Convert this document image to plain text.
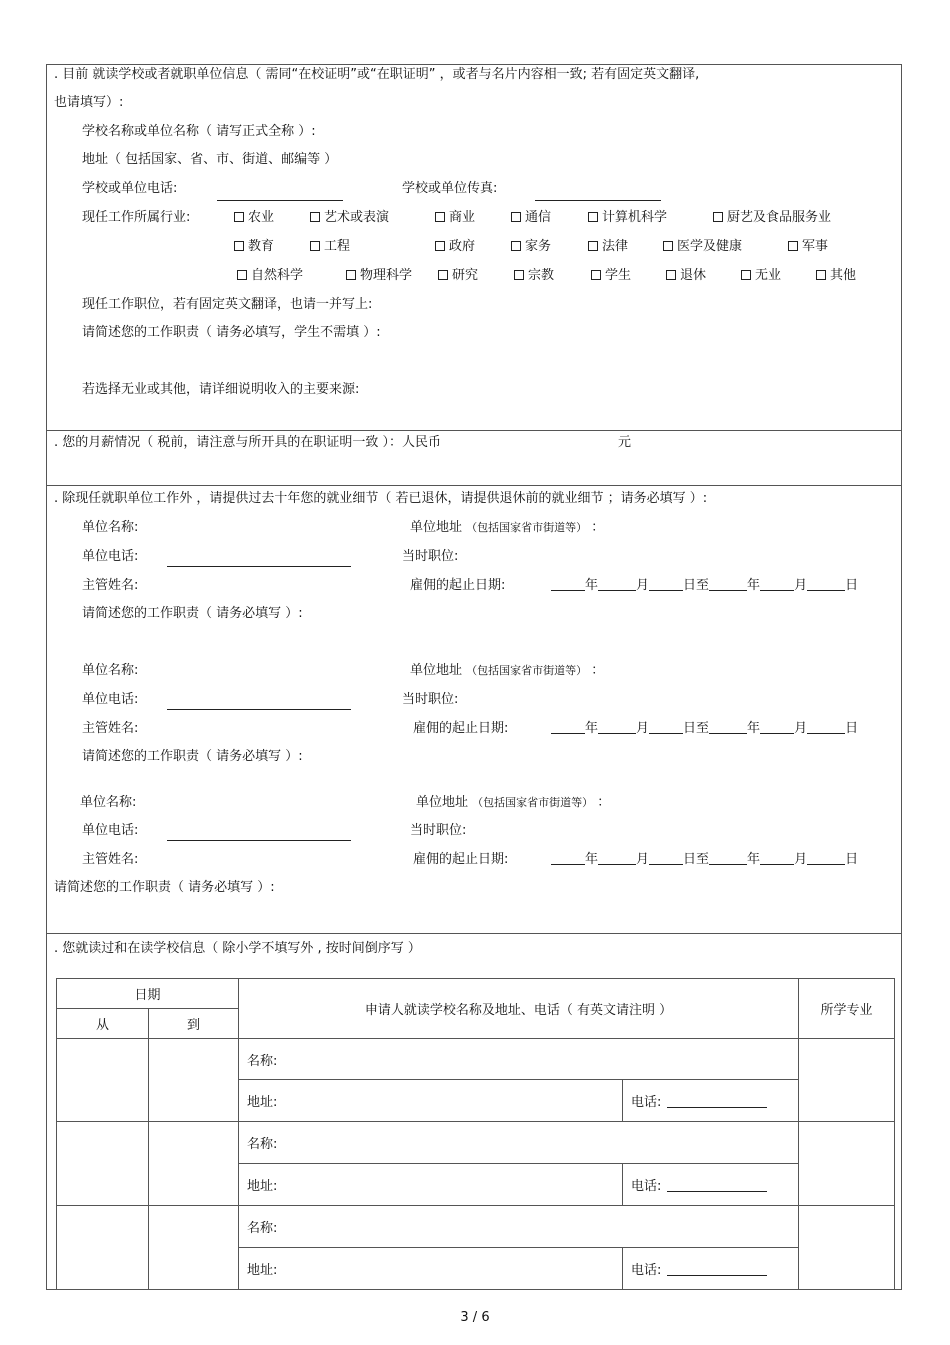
. 目前 就读学校或者就职单位信息（ 需同“在校证明”或“在职证明” ，或者与名片内容相一致; 若有固定英文翻译,
也请填写）:
学校名称或单位名称（ 请写正式全称 ）:
地址（ 包括国家、省、市、街道、邮编等 ）
学校或单位电话:	学校或单位传真:
现任工作所属行业:	农业	艺术或表演	商业	通信	计算机科学	厨艺及食品服务业
教育	工程	政府	家务	法律	医学及健康	军事
自然科学	物理科学	研究	宗教	学生	退休	无业	其他
现任工作职位，若有固定英文翻译，也请一并写上:
请简述您的工作职责（ 请务必填写，学生不需填 ）:
若选择无业或其他，请详细说明收入的主要来源:
. 您的月薪情况（ 税前，请注意与所开具的在职证明一致 ）：人民币	元
. 除现任就职单位工作外 ，请提供过去十年您的就业细节（ 若已退休，请提供退休前的就业细节 ；请务必填写 ）:
单位名称:	单位地址 （包括国家省市街道等） ：
单位电话:	当时职位:
主管姓名:	雇佣的起止日期:	年	月	日至	年	月	日
请简述您的工作职责（ 请务必填写 ）:
单位名称:	单位地址 （包括国家省市街道等） ：
单位电话:	当时职位:
主管姓名:	雇佣的起止日期:	年	月	日至	年	月	日
请简述您的工作职责（ 请务必填写 ）:
单位名称:	单位地址 （包括国家省市街道等） ：
单位电话:	当时职位:
主管姓名:	雇佣的起止日期:	年	月	日至	年	月	日
请简述您的工作职责（ 请务必填写 ）:
. 您就读过和在读学校信息（ 除小学不填写外 , 按时间倒序写 ）
日期		申请人就读学校名称及地址、电话（ 有英文请注明 ）		所学专业
从	到			
		名称:		
		地址:	电话:	
		名称:		
		地址:	电话:	
		名称:		
		地址:	电话:	
3 / 6
